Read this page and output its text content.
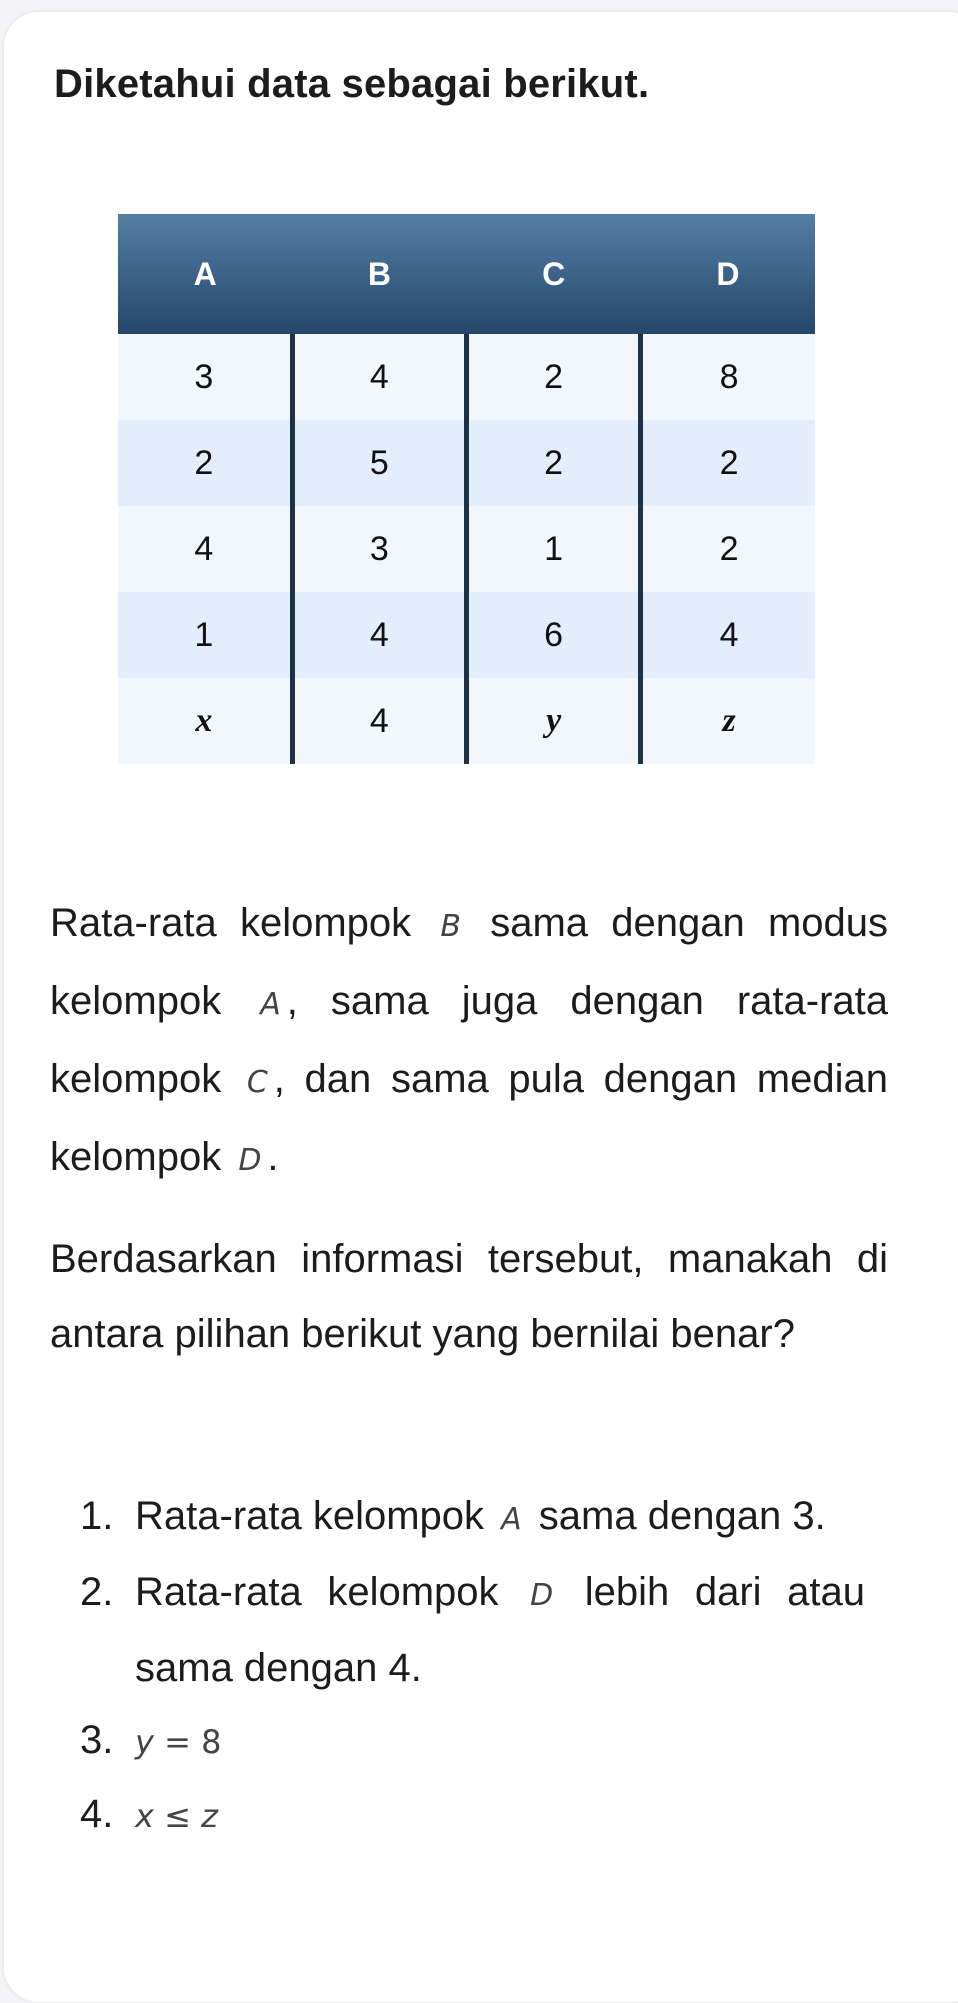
Diketahui data sebagai berikut.
A	B	C	D
3	4	2	8
2	5	2	2
4	3	1	2
1	4	6	4
x	4	y	z
Rata-rata kelompok B sama dengan modus kelompok A , sama juga dengan rata-rata kelompok C , dan sama pula dengan median kelompok D .
Berdasarkan informasi tersebut, manakah di antara pilihan berikut yang bernilai benar?
1. Rata-rata kelompok A sama dengan 3.
2. Rata-rata kelompok D lebih dari atau sama dengan 4.
3. y = 8
4. x ≤ z
